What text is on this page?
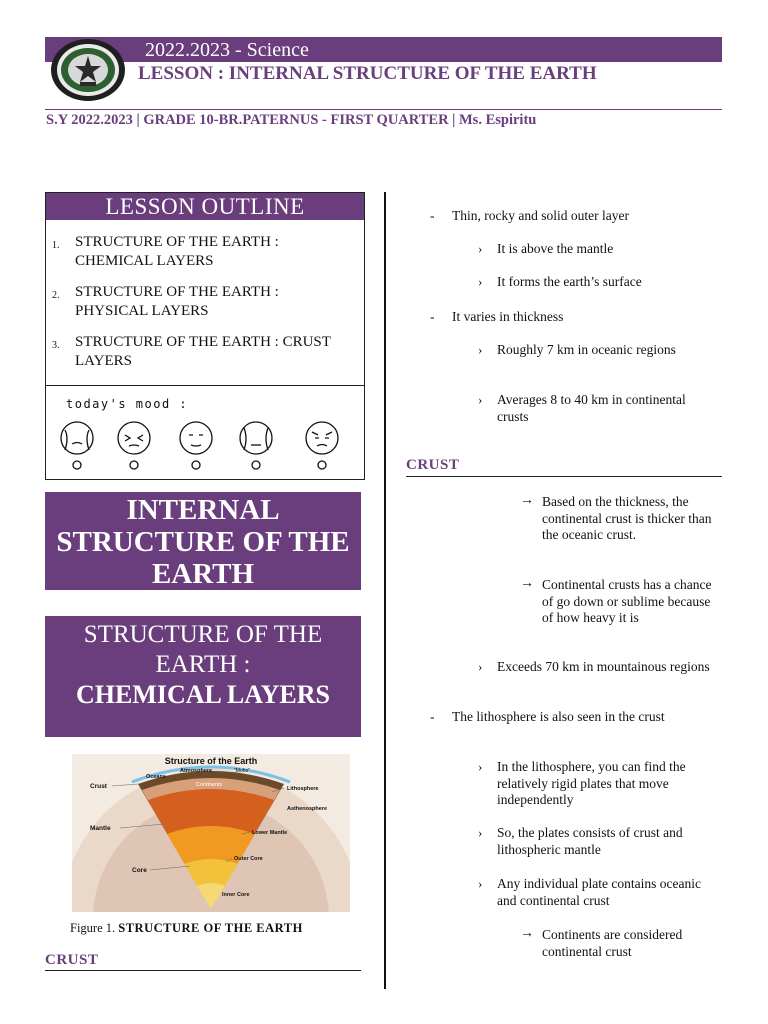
2022.2023 - Science
LESSON : INTERNAL STRUCTURE OF THE EARTH
S.Y 2022.2023 | GRADE 10-BR.PATERNUS - FIRST QUARTER | Ms. Espiritu
LESSON OUTLINE
1. STRUCTURE OF THE EARTH : CHEMICAL LAYERS
2. STRUCTURE OF THE EARTH : PHYSICAL LAYERS
3. STRUCTURE OF THE EARTH : CRUST LAYERS
today's mood :
INTERNAL STRUCTURE OF THE EARTH
STRUCTURE OF THE EARTH :
CHEMICAL LAYERS
Structure of the Earth
Oceans
Atmosphere	"Moho"
Continents
Crust	Lithosphere
Asthenosphere
Mantle
Lower Mantle
Outer Core
Core
Inner Core
Figure 1. STRUCTURE OF THE EARTH
CRUST
- Thin, rocky and solid outer layer
› It is above the mantle
› It forms the earth’s surface
- It varies in thickness
› Roughly 7 km in oceanic regions
› Averages 8 to 40 km in continental crusts
CRUST
→ Based on the thickness, the continental crust is thicker than the oceanic crust.
→ Continental crusts has a chance of go down or sublime because of how heavy it is
› Exceeds 70 km in mountainous regions
- The lithosphere is also seen in the crust
› In the lithosphere, you can find the relatively rigid plates that move independently
› So, the plates consists of crust and lithospheric mantle
› Any individual plate contains oceanic and continental crust
→ Continents are considered continental crust
